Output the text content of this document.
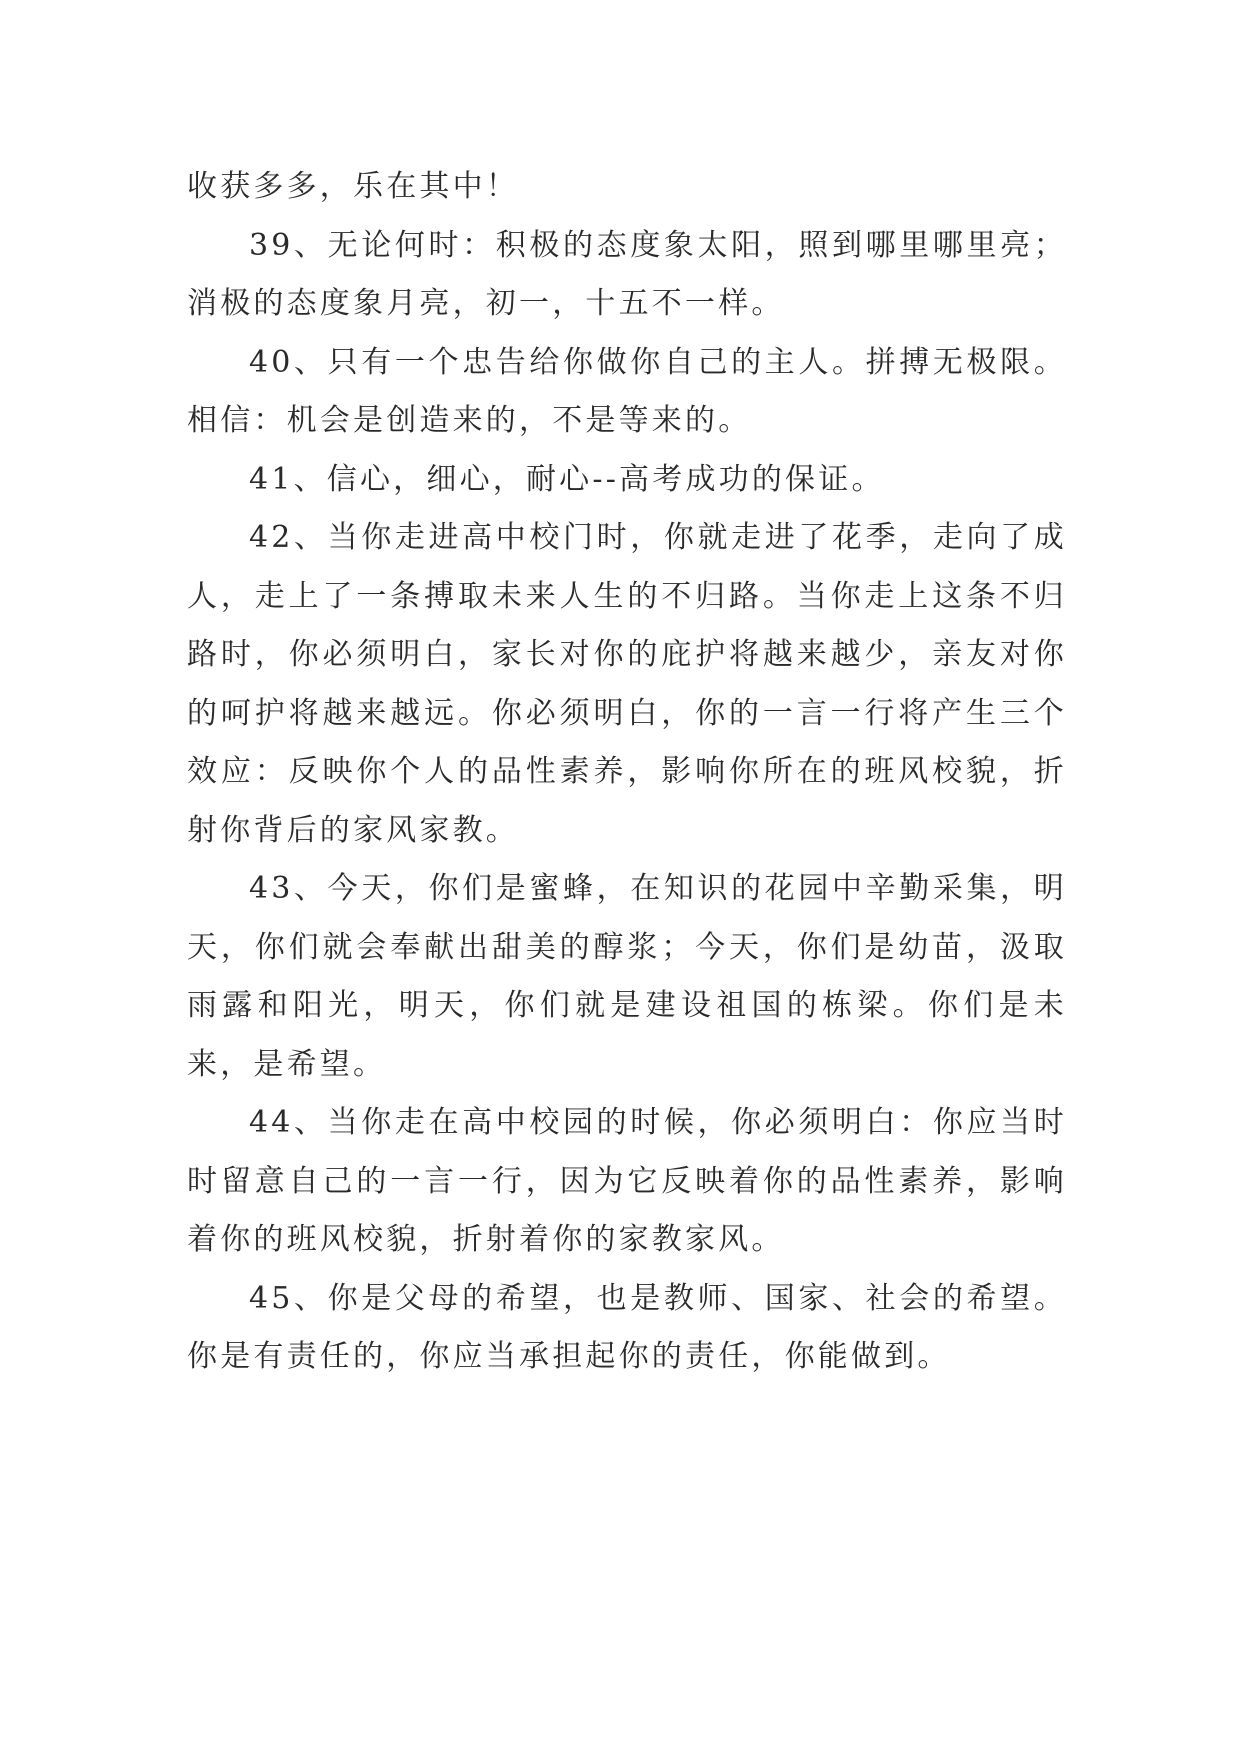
收获多多，乐在其中！

39、无论何时：积极的态度象太阳，照到哪里哪里亮；消极的态度象月亮，初一，十五不一样。

40、只有一个忠告给你做你自己的主人。拼搏无极限。相信：机会是创造来的，不是等来的。

41、信心，细心，耐心--高考成功的保证。

42、当你走进高中校门时，你就走进了花季，走向了成人，走上了一条搏取未来人生的不归路。当你走上这条不归路时，你必须明白，家长对你的庇护将越来越少，亲友对你的呵护将越来越远。你必须明白，你的一言一行将产生三个效应：反映你个人的品性素养，影响你所在的班风校貌，折射你背后的家风家教。

43、今天，你们是蜜蜂，在知识的花园中辛勤采集，明天，你们就会奉献出甜美的醇浆；今天，你们是幼苗，汲取雨露和阳光，明天，你们就是建设祖国的栋梁。你们是未来，是希望。

44、当你走在高中校园的时候，你必须明白：你应当时时留意自己的一言一行，因为它反映着你的品性素养，影响着你的班风校貌，折射着你的家教家风。

45、你是父母的希望，也是教师、国家、社会的希望。你是有责任的，你应当承担起你的责任，你能做到。
